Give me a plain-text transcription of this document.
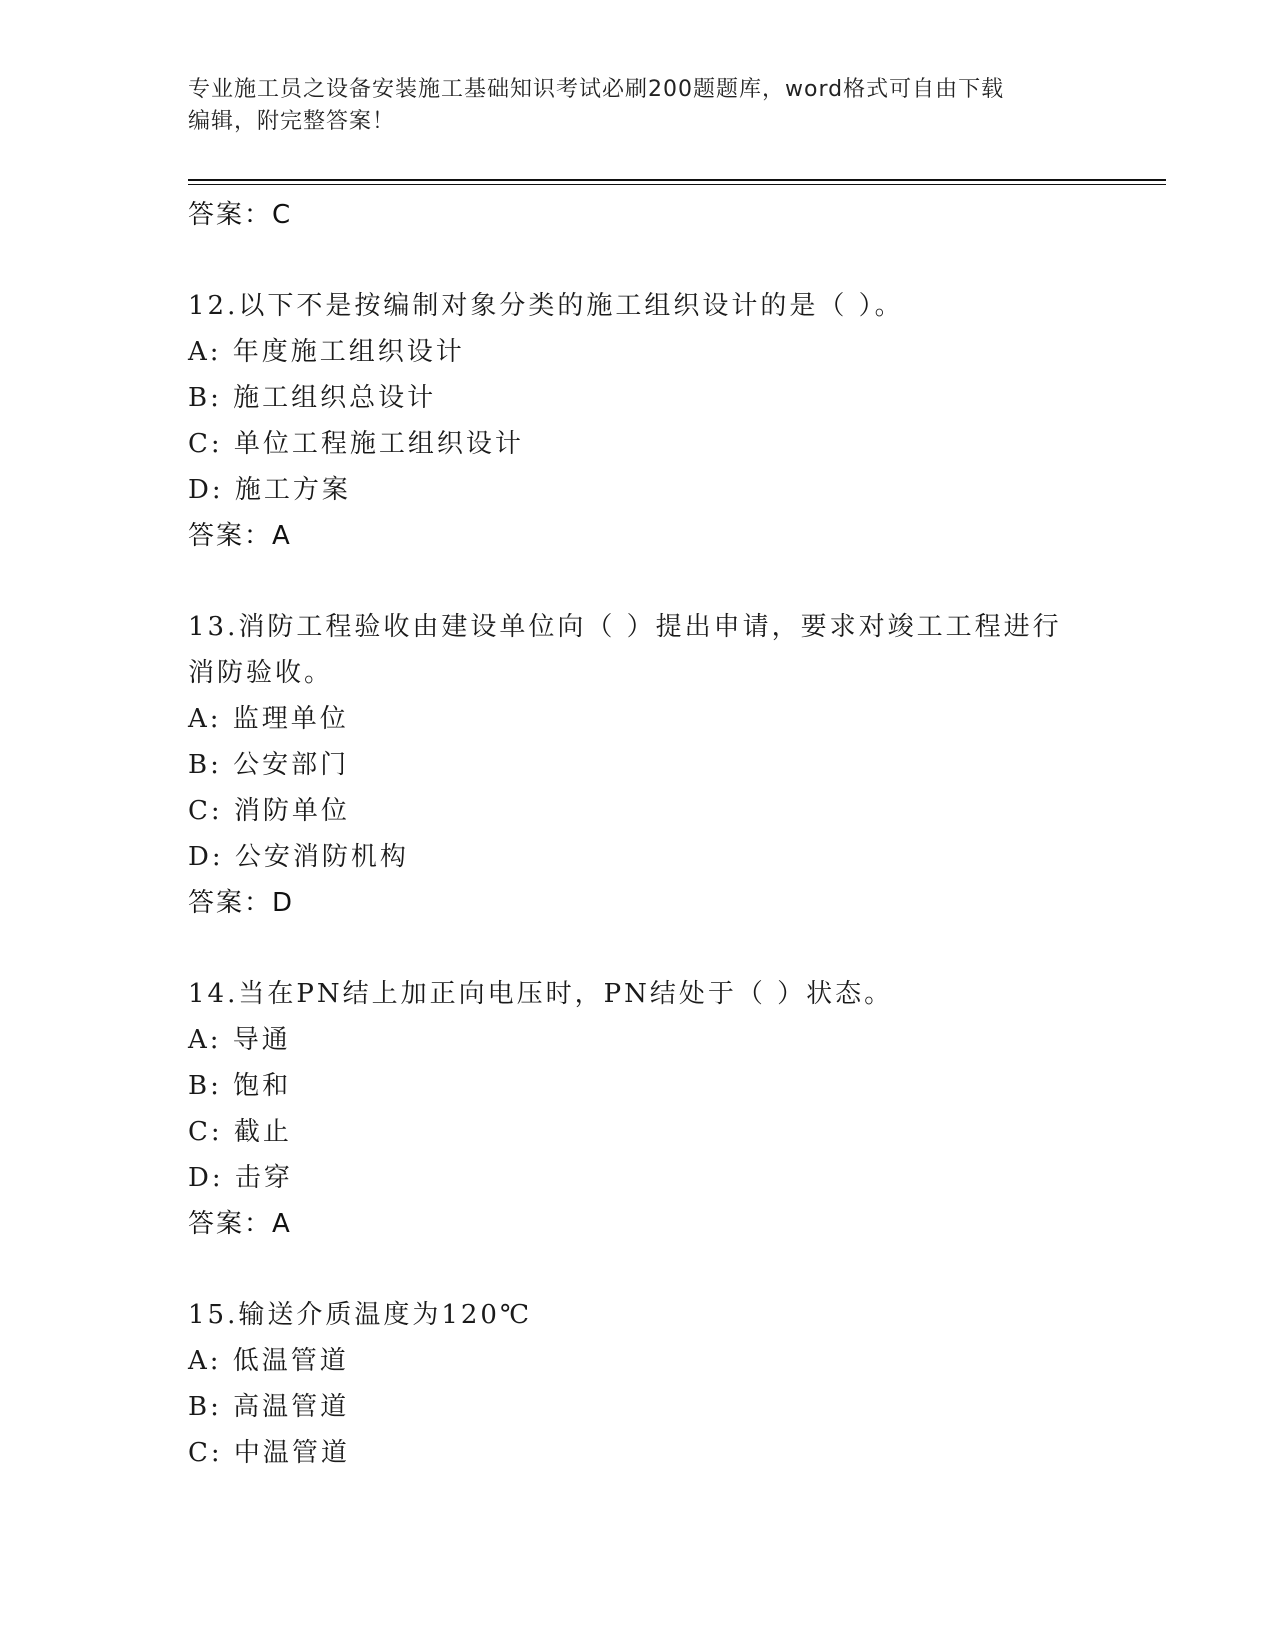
专业施工员之设备安装施工基础知识考试必刷200题题库，word格式可自由下载
编辑，附完整答案！
答案：C
12.以下不是按编制对象分类的施工组织设计的是（ ）。
A: 年度施工组织设计
B: 施工组织总设计
C: 单位工程施工组织设计
D: 施工方案
答案：A
13.消防工程验收由建设单位向（ ）提出申请，要求对竣工工程进行
消防验收。
A: 监理单位
B: 公安部门
C: 消防单位
D: 公安消防机构
答案：D
14.当在PN结上加正向电压时，PN结处于（ ）状态。
A: 导通
B: 饱和
C: 截止
D: 击穿
答案：A
15.输送介质温度为120℃
A: 低温管道
B: 高温管道
C: 中温管道
